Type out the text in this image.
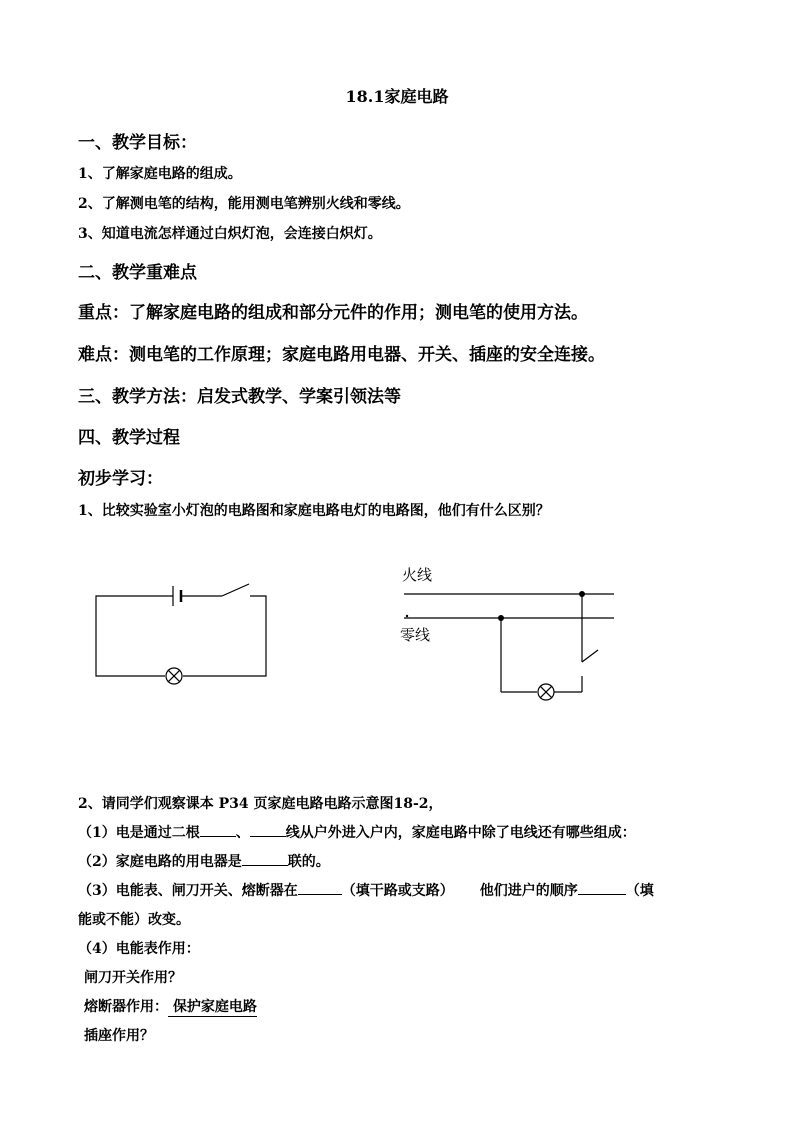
18.1家庭电路
一、教学目标：
1、了解家庭电路的组成。
2、了解测电笔的结构，能用测电笔辨别火线和零线。
3、知道电流怎样通过白炽灯泡，会连接白炽灯。
二、教学重难点
重点：了解家庭电路的组成和部分元件的作用；测电笔的使用方法。
难点：测电笔的工作原理；家庭电路用电器、开关、插座的安全连接。
三、教学方法：启发式教学、学案引领法等
四、教学过程
初步学习：
1、比较实验室小灯泡的电路图和家庭电路电灯的电路图，他们有什么区别？
火线
零线
2、请同学们观察课本 P34 页家庭电路电路示意图18-2，
（1）电是通过二根	、	线从户外进入户内，家庭电路中除了电线还有哪些组成：
（2）家庭电路的用电器是	联的。
（3）电能表、闸刀开关、熔断器在	（填干路或支路） 他们进户的顺序	（填
能或不能）改变。
（4）电能表作用：
闸刀开关作用？
熔断器作用： 保护家庭电路
插座作用？
